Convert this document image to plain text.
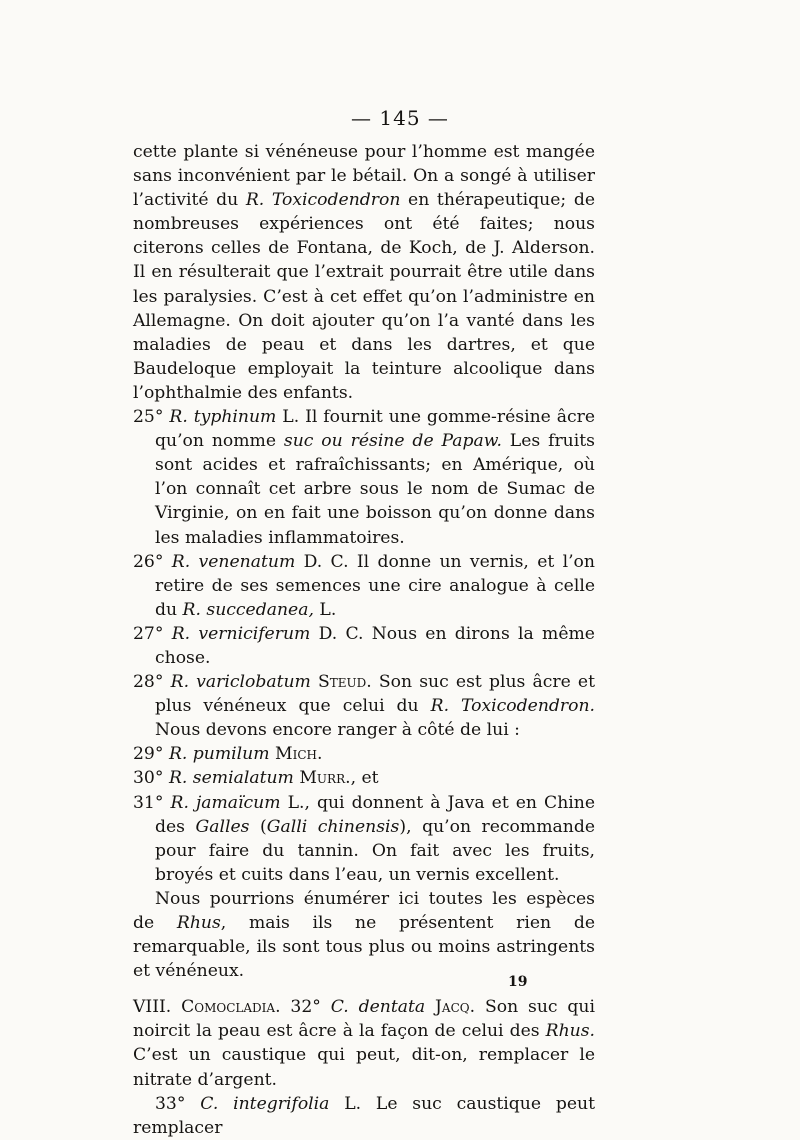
— 145 —

cette plante si vénéneuse pour l’homme est mangée sans inconvénient par le bétail. On a songé à utiliser l’activité du R. Toxicodendron en thérapeutique; de nombreuses expériences ont été faites; nous citerons celles de Fontana, de Koch, de J. Alderson. Il en résulterait que l’extrait pourrait être utile dans les paralysies. C’est à cet effet qu’on l’administre en Allemagne. On doit ajouter qu’on l’a vanté dans les maladies de peau et dans les dartres, et que Baudeloque employait la teinture alcoolique dans l’ophthalmie des enfants.

25° R. typhinum L. Il fournit une gomme-résine âcre qu’on nomme suc ou résine de Papaw. Les fruits sont acides et rafraîchissants; en Amérique, où l’on connaît cet arbre sous le nom de Sumac de Virginie, on en fait une boisson qu’on donne dans les maladies inflammatoires.

26° R. venenatum D. C. Il donne un vernis, et l’on retire de ses semences une cire analogue à celle du R. succedanea, L.

27° R. verniciferum D. C. Nous en dirons la même chose.

28° R. variclobatum Steud. Son suc est plus âcre et plus vénéneux que celui du R. Toxicodendron. Nous devons encore ranger à côté de lui :

29° R. pumilum Mich.

30° R. semialatum Murr., et

31° R. jamaïcum L., qui donnent à Java et en Chine des Galles (Galli chinensis), qu’on recommande pour faire du tannin. On fait avec les fruits, broyés et cuits dans l’eau, un vernis excellent.

Nous pourrions énumérer ici toutes les espèces de Rhus, mais ils ne présentent rien de remarquable, ils sont tous plus ou moins astringents et vénéneux.

VIII. Comocladia. 32° C. dentata Jacq. Son suc qui noircit la peau est âcre à la façon de celui des Rhus. C’est un caustique qui peut, dit-on, remplacer le nitrate d’argent.

33° C. integrifolia L. Le suc caustique peut remplacer

19
